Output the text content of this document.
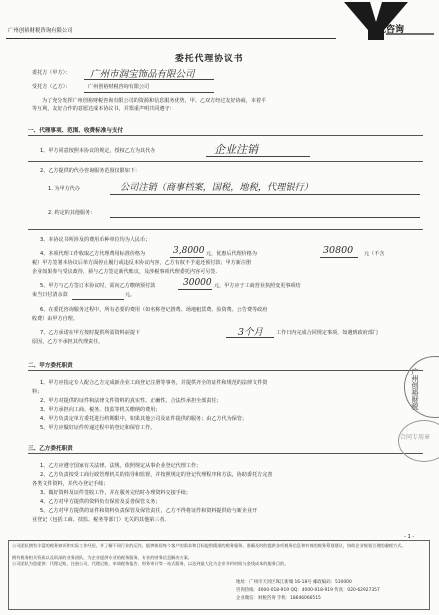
广州创裕财税咨询有限公司	财税咨询
委托代理协议书
委托方（甲方）： 广州市润宝饰品有限公司
受托方（乙方）：	广州创裕财税咨询有限公司
为了充分发挥广州创裕财税咨询有限公司的资源和信息服务优势，甲、乙双方经过友好协商，本着平
等互利，友好合作的意愿达成本协议书，并郑重声明共同遵守：
一、代理事项、范围、收费标准与支付
1、甲方同意按照本协议的规定，授权乙方为其代办	企业注销
2、乙方提供的代办咨询服务范围仅限如下：
1. 为甲方代办	公司注销（商事档案，国税，地税，代理银行）
2. 约定的其他服务：
3、本协议书所涉及的费用币种单位均为人民币；
4、本项代理工作收取乙方代理费用标准价格为	3,8000 元，优惠后代理价格为	30800 元（不含
税）甲方签署本协议后单方面停止履行或违反本协议内容，乙方有权不予退还预付款；甲方新注册
企业如果参与受议政待，须与乙方签定新代账议，及涉税事项代理委托内容可另签.
5、甲方与乙方签订本协议时，需向乙方缴纳预付款	30000 元，甲方应于工商营业执照变更事项结
束当日付清余款	元。
6、在委托咨询服务过程中，所有必要的费用（如名称登记推费、场地租赁费、验资费、公告费等政府
收费）由甲方自理。
7、乙方承诺在甲方按时提供所需资料前提下	3个月	工作日内完成合同规定事项，如遇到政府部门
原因，乙方不承担其代理责任。
二、甲方委托职责
1、甲方应指定专人配合乙方完成新企业工商登记注册等事务，并提供齐全的证件和规范的法律文件资
料；
2、甲方对提供的证件和法律文件资料的真实性、正确性、合法性承担全部责任；
3、甲方承担向工商、税务、技监等机关缴纳的费用；
4、甲方负责定单方委托进行约期限中，如果其他公司及证件提供的服务；由乙方代为保管；
5、甲方应做好证件传递过程中的登记和保管工作。
三、乙方委托职责
1、乙方应遵守国家有关法律、法规，依照规定从事企业登记代理工作；
2、乙方负责按受工商行政管理机关的指导和监督，并按照规定的登记代理程序和方法，协助委托方完善
各类文件资料，并代办登记手续；
3、做好资料及证件签收工作，并在服务完结时办理资料交接手续；
4、乙方对甲方提供的资料负有保密及妥善保管义务；
5、乙方对甲方提供的证件和资料负责保管及保管责任，乙方不得将证件和资料提供给与新企业开
业登记（包括工商、技监、税务等部门）无关的其他第三者。
广州创裕财税
合同专用章
- 1 -
公司团队拥有丰富的税务知识和实际工作经验，并了解不同行业的运作，能够体验每个客户的需求和目标提供精准的税务服务。准确及时的提供各项税务信息和有效的税务筹划建议，协助企业规划合理的避税方式。
拥有税务相关资质以及资深的业务团队，为企业提供专业的税务服务，专业的财务信息解决方案。
公司团队为您提供：代理记账，注册公司，代理记账，申请税务报告，财务审计等一站式服务，以达到最大化为企业节约时间与金钱成本的服务目的。
地址：广州市天河区珠江新城 16-18号 邮政编码：510000
咨询热线：4000-018-919 QQ：4000-018-919 传真：020-62927357
企业微信：财税咨询 手机：18646066515
